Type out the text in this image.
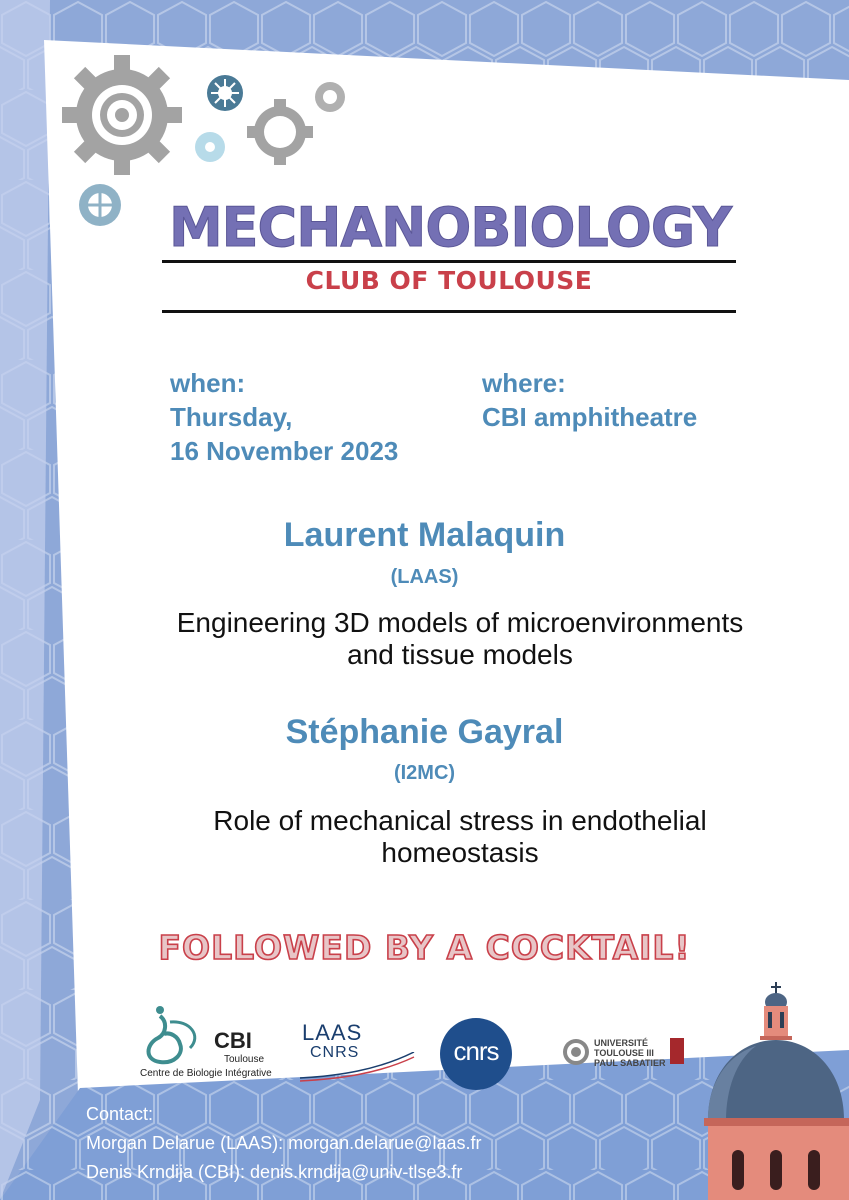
MECHANOBIOLOGY
CLUB OF TOULOUSE
when:
Thursday,
16 November 2023
where:
CBI amphitheatre
Laurent Malaquin
(LAAS)
Engineering 3D models of microenvironments
and tissue models
Stéphanie Gayral
(I2MC)
Role of mechanical stress in endothelial
homeostasis
FOLLOWED BY A COCKTAIL!
CBI
Toulouse
Centre de Biologie Intégrative
LAAS
CNRS	cnrs	UNIVERSITÉ
TOULOUSE III
PAUL SABATIER
Contact:
Morgan Delarue (LAAS): morgan.delarue@laas.fr
Denis Krndija (CBI): denis.krndija@univ-tlse3.fr
